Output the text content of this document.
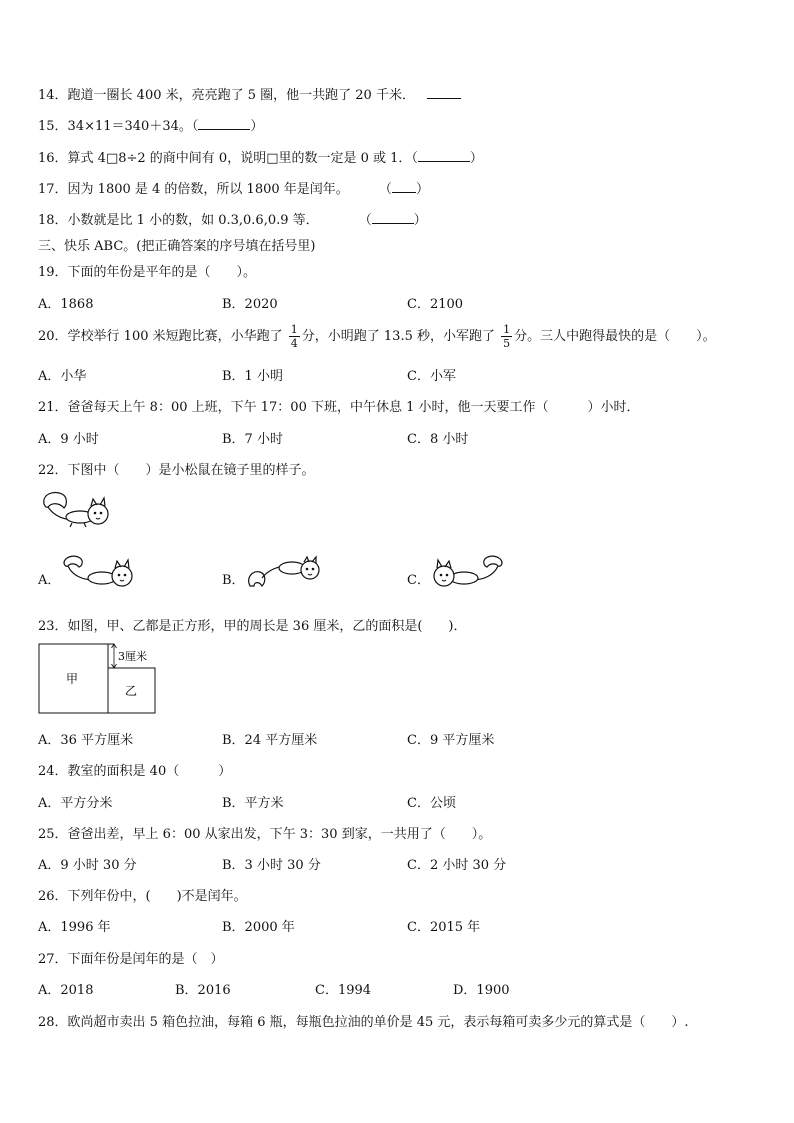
14．跑道一圈长 400 米，亮亮跑了 5 圈，他一共跑了 20 千米．
15．34×11＝340＋34。（	）
16．算式 4□8÷2 的商中间有 0，说明□里的数一定是 0 或 1．（	）
17．因为 1800 是 4 的倍数，所以 1800 年是闰年。 （ ）
18．小数就是比 1 小的数，如 0.3,0.6,0.9 等．	（	）
三、快乐 ABC。(把正确答案的序号填在括号里)
19．下面的年份是平年的是（　　）。
A．1868	B．2020	C．2100
20．学校举行 100 米短跑比赛，小华跑了 $\frac{1}{4}$ 分，小明跑了 13.5 秒，小军跑了 $\frac{1}{5}$ 分。三人中跑得最快的是（　　）。
A．小华	B．1 小明	C．小军
21．爸爸每天上午 8：00 上班，下午 17：00 下班，中午休息 1 小时，他一天要工作（　　　）小时．
A．9 小时	B．7 小时	C．8 小时
22．下图中（　　）是小松鼠在镜子里的样子。
A．	B．	C．
23．如图，甲、乙都是正方形，甲的周长是 36 厘米，乙的面积是(　　)．
3厘米
甲
乙
A．36 平方厘米	B．24 平方厘米	C．9 平方厘米
24．教室的面积是 40（　　　）
A．平方分米	B．平方米	C．公顷
25．爸爸出差，早上 6：00 从家出发，下午 3：30 到家，一共用了（　　）。
A．9 小时 30 分	B．3 小时 30 分	C．2 小时 30 分
26．下列年份中，(　　)不是闰年。
A．1996 年	B．2000 年	C．2015 年
27．下面年份是闰年的是（　）
A．2018	B．2016	C．1994	D．1900
28．欧尚超市卖出 5 箱色拉油，每箱 6 瓶，每瓶色拉油的单价是 45 元，表示每箱可卖多少元的算式是（　　）.
